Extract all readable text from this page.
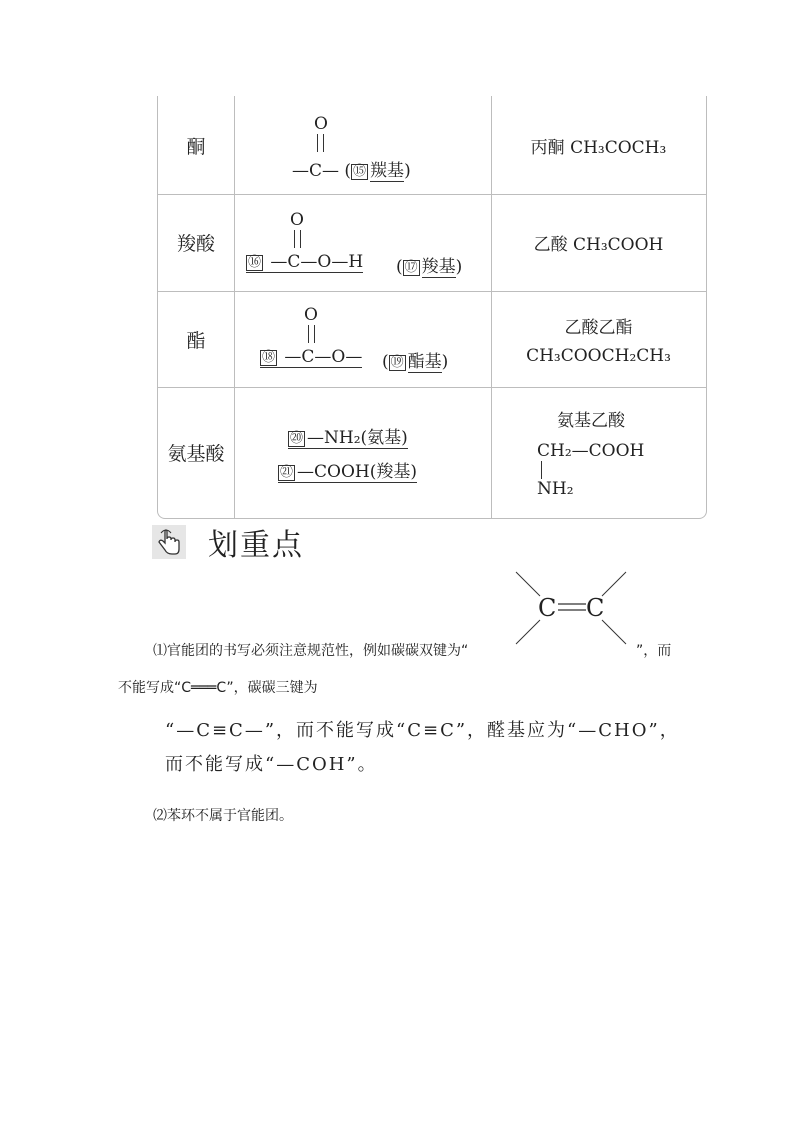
酮
O
—C— ( ⑮ 羰基)
丙酮 CH₃COCH₃
羧酸
O
⑯ —C—O—H ( ⑰ 羧基)
乙酸 CH₃COOH
酯
O
⑱ —C—O— ( ⑲ 酯基)
乙酸乙酯
CH₃COOCH₂CH₃
氨基酸
⑳ —NH₂(氨基)
㉑ —COOH(羧基)
氨基乙酸
CH₂—COOH
NH₂
划重点
C C
⑴官能团的书写必须注意规范性，例如碳碳双键为“	”，而
不能写成“C═══C”，碳碳三键为
“—C≡C—”，而不能写成“C≡C”，醛基应为“—CHO”，
而不能写成“—COH”。
⑵苯环不属于官能团。
